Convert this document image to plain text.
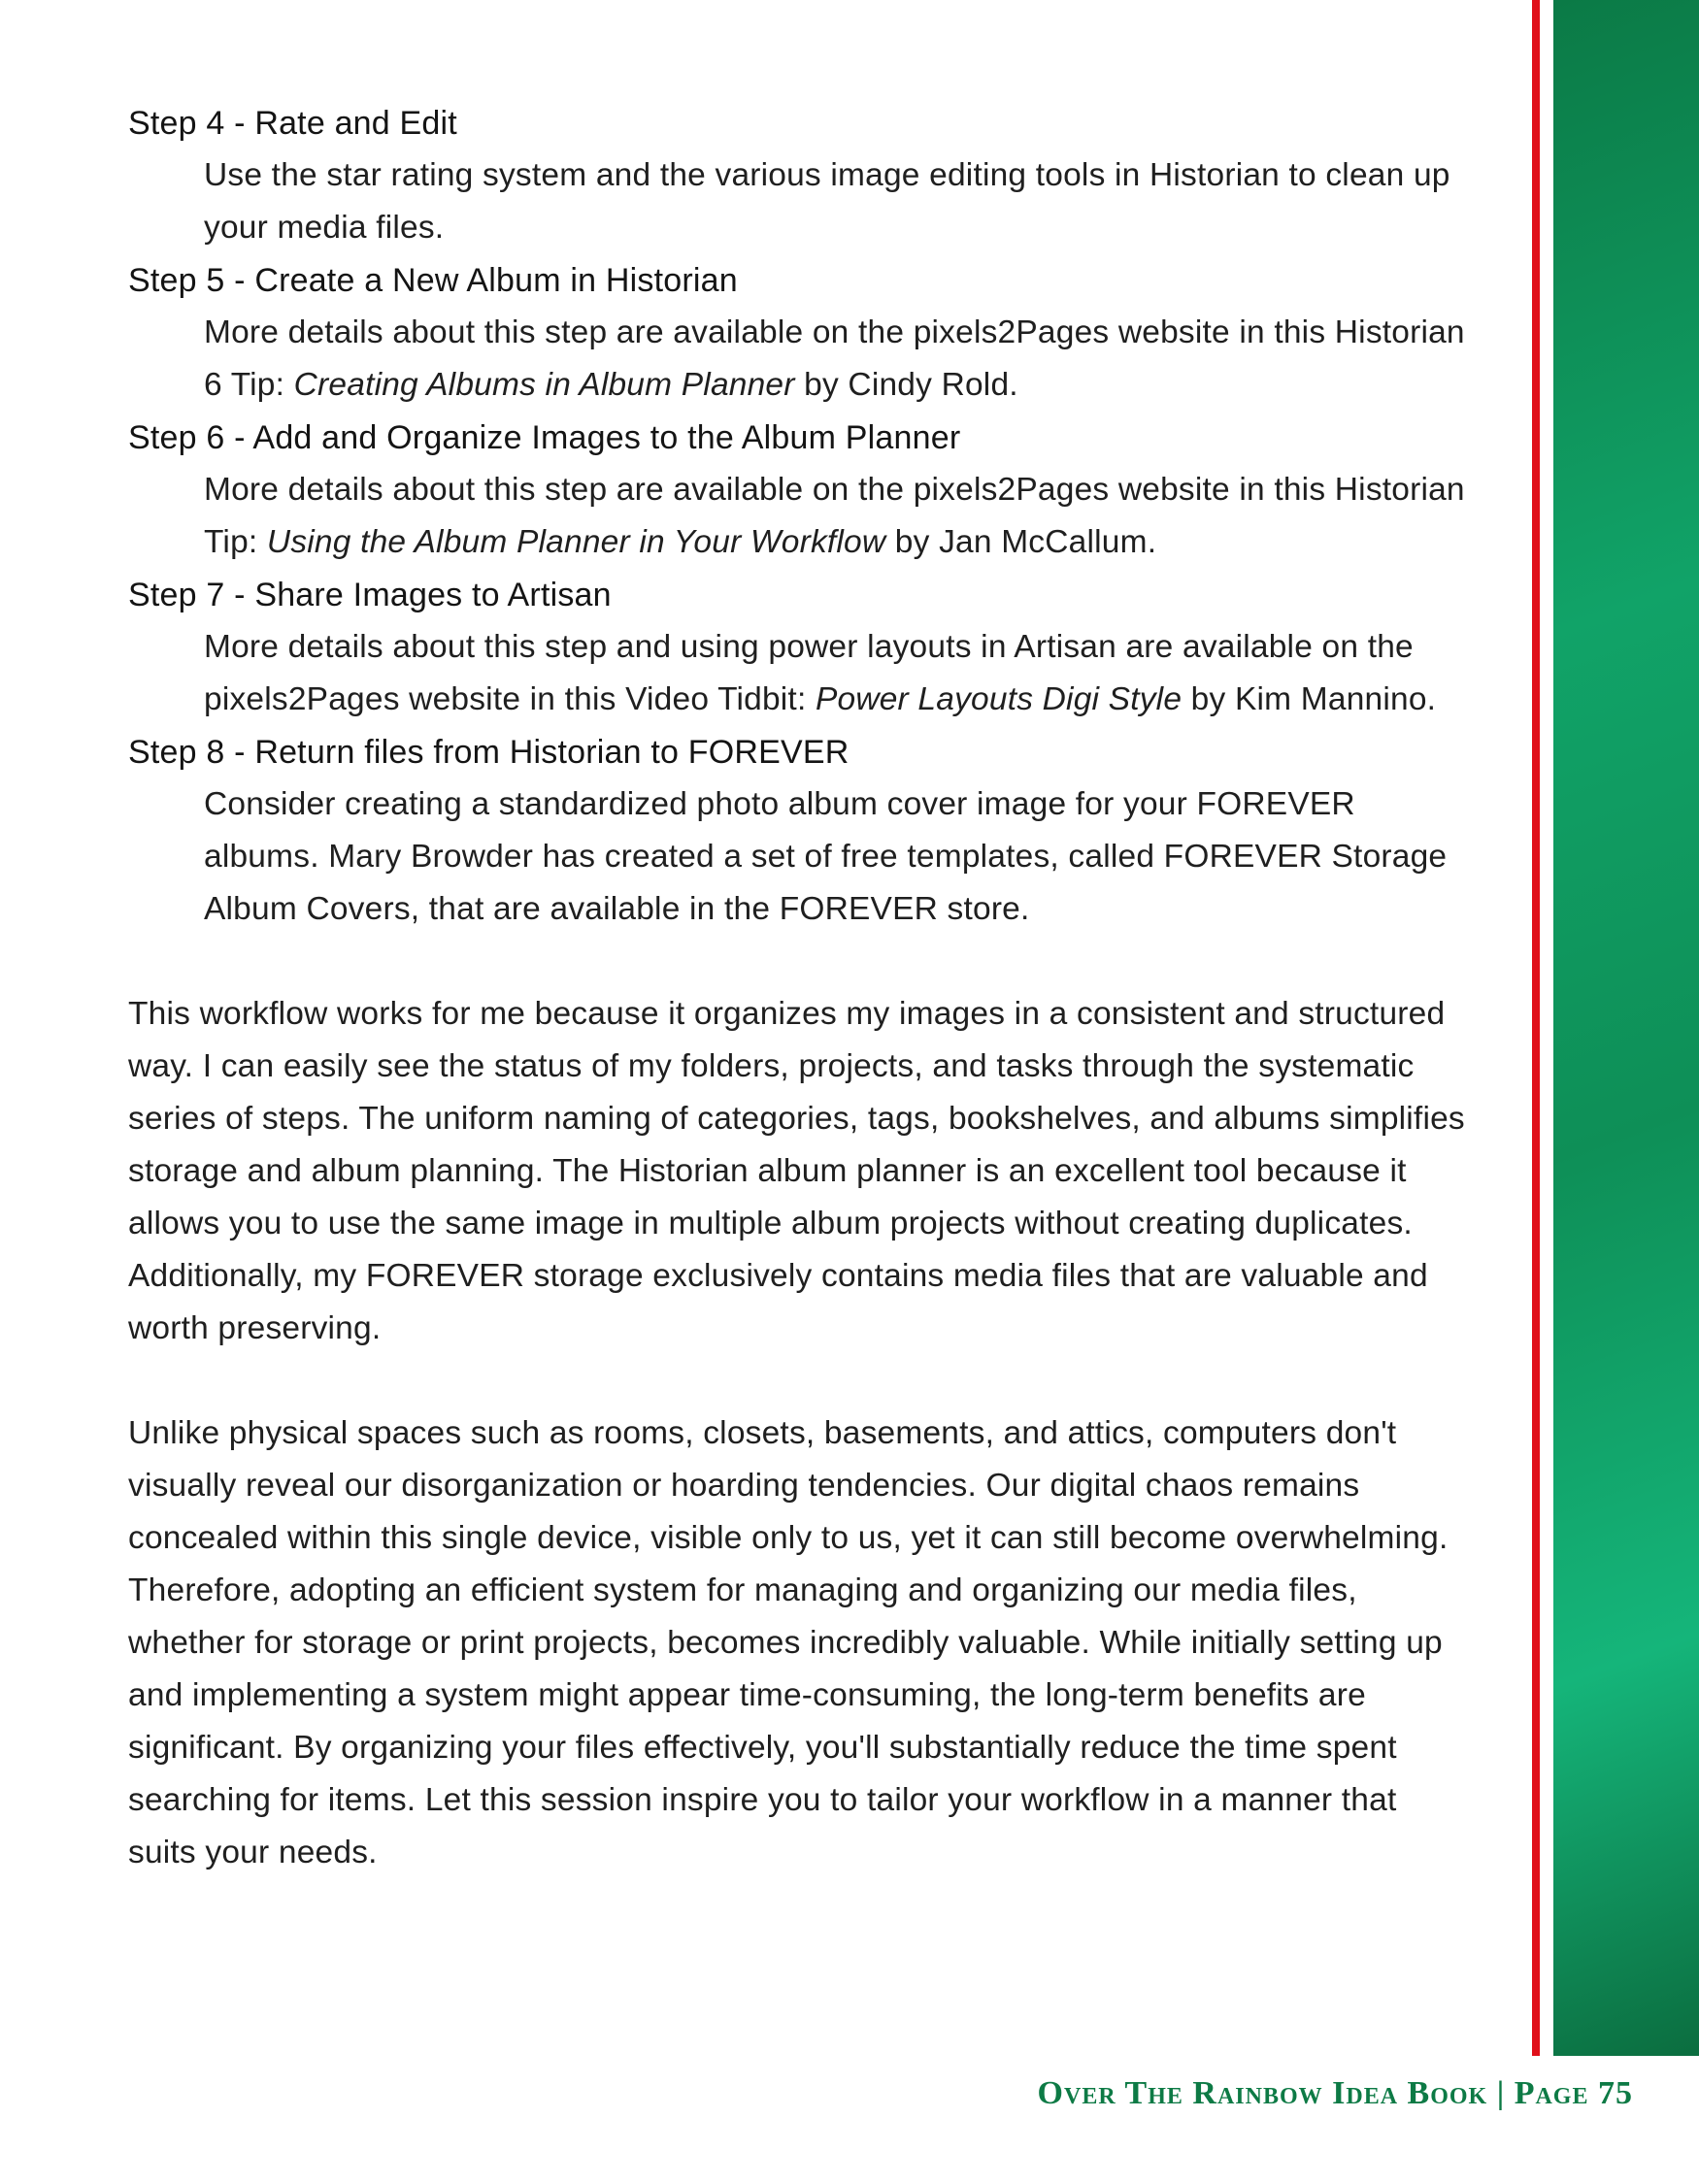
Step 4 - Rate and Edit

Use the star rating system and the various image editing tools in Historian to clean up your media files.

Step 5 - Create a New Album in Historian

More details about this step are available on the pixels2Pages website in this Historian 6 Tip: Creating Albums in Album Planner by Cindy Rold.

Step 6 - Add and Organize Images to the Album Planner

More details about this step are available on the pixels2Pages website in this Historian Tip: Using the Album Planner in Your Workflow by Jan McCallum.

Step 7 - Share Images to Artisan

More details about this step and using power layouts in Artisan are available on the pixels2Pages website in this Video Tidbit: Power Layouts Digi Style by Kim Mannino.

Step 8 - Return files from Historian to FOREVER

Consider creating a standardized photo album cover image for your FOREVER albums. Mary Browder has created a set of free templates, called FOREVER Storage Album Covers, that are available in the FOREVER store.

This workflow works for me because it organizes my images in a consistent and structured way. I can easily see the status of my folders, projects, and tasks through the systematic series of steps. The uniform naming of categories, tags, bookshelves, and albums simplifies storage and album planning. The Historian album planner is an excellent tool because it allows you to use the same image in multiple album projects without creating duplicates. Additionally, my FOREVER storage exclusively contains media files that are valuable and worth preserving.

Unlike physical spaces such as rooms, closets, basements, and attics, computers don't visually reveal our disorganization or hoarding tendencies. Our digital chaos remains concealed within this single device, visible only to us, yet it can still become overwhelming. Therefore, adopting an efficient system for managing and organizing our media files, whether for storage or print projects, becomes incredibly valuable. While initially setting up and implementing a system might appear time-consuming, the long-term benefits are significant. By organizing your files effectively, you'll substantially reduce the time spent searching for items. Let this session inspire you to tailor your workflow in a manner that suits your needs.

Over The Rainbow Idea Book | Page 75
